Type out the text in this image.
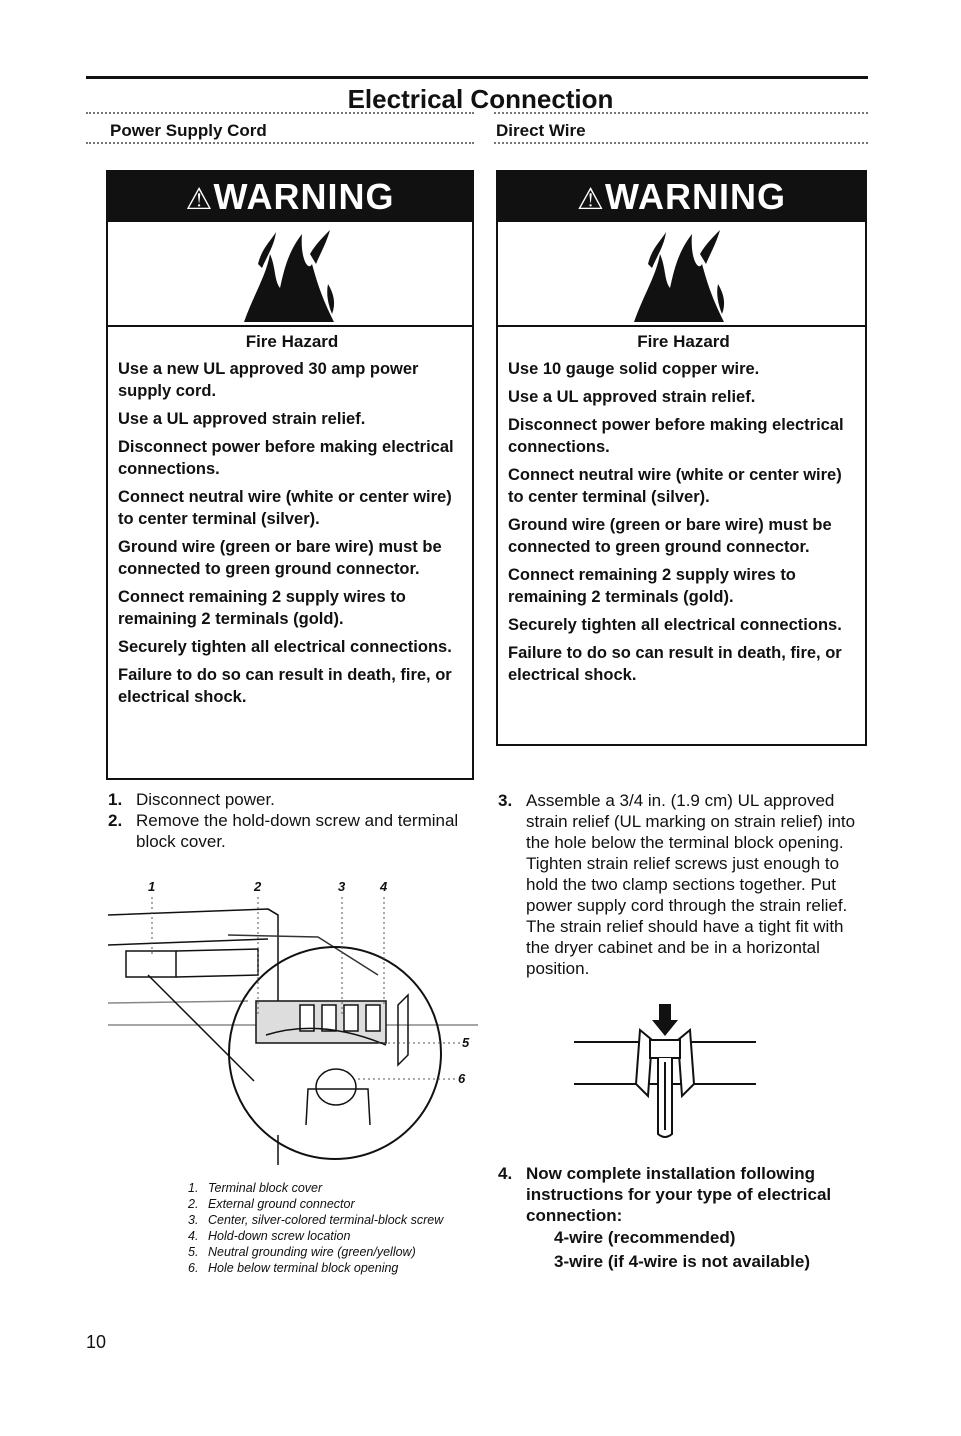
Electrical Connection
Power Supply Cord	Direct Wire
⚠WARNING

Fire Hazard

Use a new UL approved 30 amp power supply cord.

Use a UL approved strain relief.

Disconnect power before making electrical connections.

Connect neutral wire (white or center wire) to center terminal (silver).

Ground wire (green or bare wire) must be connected to green ground connector.

Connect remaining 2 supply wires to remaining 2 terminals (gold).

Securely tighten all electrical connections.

Failure to do so can result in death, fire, or electrical shock.

⚠WARNING

Fire Hazard

Use 10 gauge solid copper wire.

Use a UL approved strain relief.

Disconnect power before making electrical connections.

Connect neutral wire (white or center wire) to center terminal (silver).

Ground wire (green or bare wire) must be connected to green ground connector.

Connect remaining 2 supply wires to remaining 2 terminals (gold).

Securely tighten all electrical connections.

Failure to do so can result in death, fire, or electrical shock.

1. Disconnect power.
2. Remove the hold-down screw and terminal block cover.
1	2	3	4
5
6
1. Terminal block cover
2. External ground connector
3. Center, silver-colored terminal-block screw
4. Hold-down screw location
5. Neutral grounding wire (green/yellow)
6. Hole below terminal block opening
3. Assemble a 3/4 in. (1.9 cm) UL approved strain relief (UL marking on strain relief) into the hole below the terminal block opening. Tighten strain relief screws just enough to hold the two clamp sections together. Put power supply cord through the strain relief. The strain relief should have a tight fit with the dryer cabinet and be in a horizontal position.
4. Now complete installation following instructions for your type of electrical connection:
4-wire (recommended)
3-wire (if 4-wire is not available)
10
